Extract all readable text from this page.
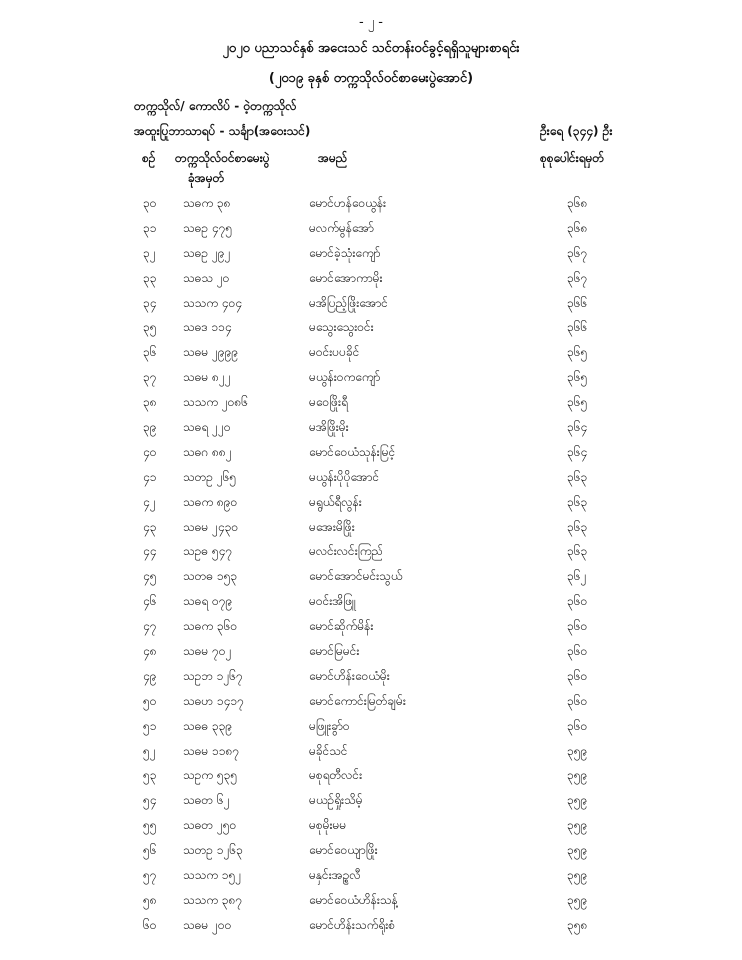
- ၂ -
၂၀၂၀ ပညာသင်နှစ် အငေးသင် သင်တန်းဝင်ခွင့်ရရှိသူများစာရင်း
(၂၀၁၉ ခုနှစ် တက္ကသိုလ်ဝင်စာမေးပွဲအောင်)
တက္ကသိုလ်/ ကောလိပ် - ဝဲ့တက္ကသိုလ်
အထူးပြုဘာသာရပ် - သင်္ချာ(အဝေးသင်)	ဦးရေ (၃၄၄) ဦး
စဉ် တက္ကသိုလ်ဝင်စာမေးပွဲ
ခုံအမှတ်
အမည်	စုစုပေါင်းရမှတ်
၃၀ သဓက ၃၈	မောင်ဟန်ဝေယွန်း	၃၆၈
၃၁ သဓဥ ၄၇၅	မလက်မွန်အော်	၃၆၈
၃၂ သဓဥ ၂၉၂	မောင်ခဲ့သုံးကျော်	၃၆၇
၃၃ သဓသ ၂၀	မောင်အောကာမိုး	၃၆၇
၃၄ သသက ၄၀၄	မအိပြည့်ဖြိုးအောင်	၃၆၆
၃၅ သဓဒ ၁၁၄	မသွေးသွေးဝင်း	၃၆၆
၃၆ သဓမ ၂၉၉၉	မဝင်းပပခိုင်	၃၆၅
၃၇ သဓမ ၈၂၂	မယွန်းဝကကျော်	၃၆၅
၃၈ သသက ၂၀၈၆	မဝေဖြိုးရီ	၃၆၅
၃၉ သဓရ ၂၂၀	မအိဖြိုးမိုး	၃၆၄
၄၀ သဓဂ ၈၈၂	မောင်ဝေယံသုန်းမြင့်	၃၆၄
၄၁ သတဥ ၂၆၅	မယွန်းပိုပိုအောင်	၃၆၃
၄၂ သဓက ၈၉၀	မရွယ်ရီလွန်း	၃၆၃
၄၃ သဓမ ၂၄၃၀	မအေးမိဖြိုး	၃၆၃
၄၄ သဥဓ ၅၄၇	မလင်းလင်းကြည်	၃၆၃
၄၅ သတဓ ၁၅၃	မောင်အောင်မင်းသွယ်	၃၆၂
၄၆ သဓရ ၀၇၉	မဝင်းအိဖြူ	၃၆၀
၄၇ သဓက ၃၆၀	မောင်ဆိုက်မိန်း	၃၆၀
၄၈ သဓမ ၇၀၂	မောင်မြမင်း	၃၆၀
၄၉ သဥဘ ၁၂၆၇	မောင်ဟိန်းဝေယံမိုး	၃၆၀
၅၀ သဓဟ ၁၄၁၇	မောင်ကောင်းမြတ်ချမ်း	၃၆၀
၅၁ သဓဓ ၃၃၉	မဖြူးခွာ်ဝ	၃၆၀
၅၂ သဓမ ၁၁၈၇	မခိုင်သင်	၃၅၉
၅၃ သဥက ၅၃၅	မစုရတီလင်း	၃၅၉
၅၄ သဓတ ၆၂	မယဉ်ရှိုးသိမ့်	၃၅၉
၅၅ သဓတ ၂၅၀	မစုမိုးမမ	၃၅၉
၅၆ သတဥ ၁၂၆၃	မောင်ဝေယျာဖြိုး	၃၅၉
၅၇ သသက ၁၅၂	မနှင်းအဉ္စလီ	၃၅၉
၅၈ သသက ၃၈၇	မောင်ဝေယံဟိန်းသန့်	၃၅၉
၆၀ သဓမ ၂၀၀	မောင်ဟိန်းသက်ရိုးစံ	၃၅၈
